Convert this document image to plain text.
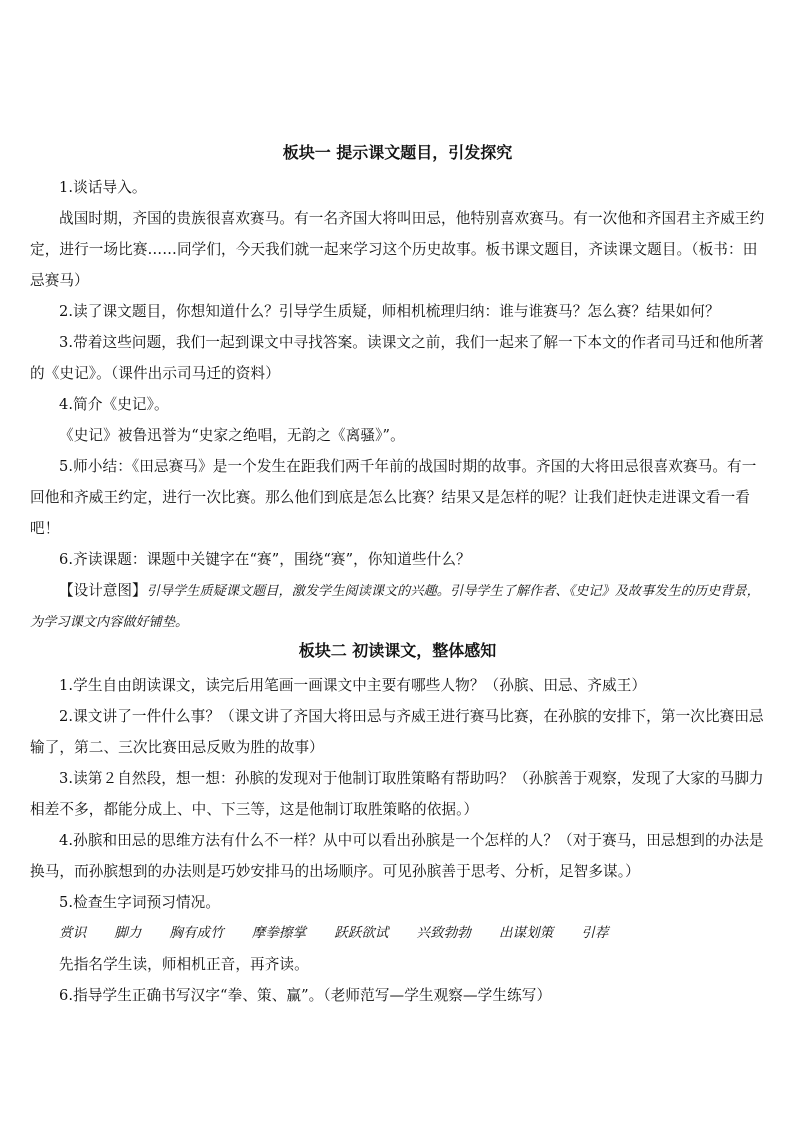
板块一 提示课文题目，引发探究

1.谈话导入。

战国时期，齐国的贵族很喜欢赛马。有一名齐国大将叫田忌，他特别喜欢赛马。有一次他和齐国君主齐威王约定，进行一场比赛……同学们，今天我们就一起来学习这个历史故事。板书课文题目，齐读课文题目。（板书：田忌赛马）

2.读了课文题目，你想知道什么？引导学生质疑，师相机梳理归纳：谁与谁赛马？怎么赛？结果如何？

3.带着这些问题，我们一起到课文中寻找答案。读课文之前，我们一起来了解一下本文的作者司马迁和他所著的《史记》。（课件出示司马迁的资料）

4.简介《史记》。

《史记》被鲁迅誉为“史家之绝唱，无韵之《离骚》”。

5.师小结：《田忌赛马》是一个发生在距我们两千年前的战国时期的故事。齐国的大将田忌很喜欢赛马。有一回他和齐威王约定，进行一次比赛。那么他们到底是怎么比赛？结果又是怎样的呢？让我们赶快走进课文看一看吧！

6.齐读课题：课题中关键字在“赛”，围绕“赛”，你知道些什么？

【设计意图】引导学生质疑课文题目，激发学生阅读课文的兴趣。引导学生了解作者、《史记》及故事发生的历史背景，为学习课文内容做好铺垫。

板块二 初读课文，整体感知

1.学生自由朗读课文，读完后用笔画一画课文中主要有哪些人物？（孙膑、田忌、齐威王）

2.课文讲了一件什么事？（课文讲了齐国大将田忌与齐威王进行赛马比赛，在孙膑的安排下，第一次比赛田忌输了，第二、三次比赛田忌反败为胜的故事）

3.读第２自然段，想一想：孙膑的发现对于他制订取胜策略有帮助吗？（孙膑善于观察，发现了大家的马脚力相差不多，都能分成上、中、下三等，这是他制订取胜策略的依据。）

4.孙膑和田忌的思维方法有什么不一样？从中可以看出孙膑是一个怎样的人？（对于赛马，田忌想到的办法是换马，而孙膑想到的办法则是巧妙安排马的出场顺序。可见孙膑善于思考、分析，足智多谋。）

5.检查生字词预习情况。

赏识 脚力 胸有成竹 摩拳擦掌 跃跃欲试 兴致勃勃 出谋划策 引荐

先指名学生读，师相机正音，再齐读。

6.指导学生正确书写汉字“拳、策、赢”。（老师范写—学生观察—学生练写）
